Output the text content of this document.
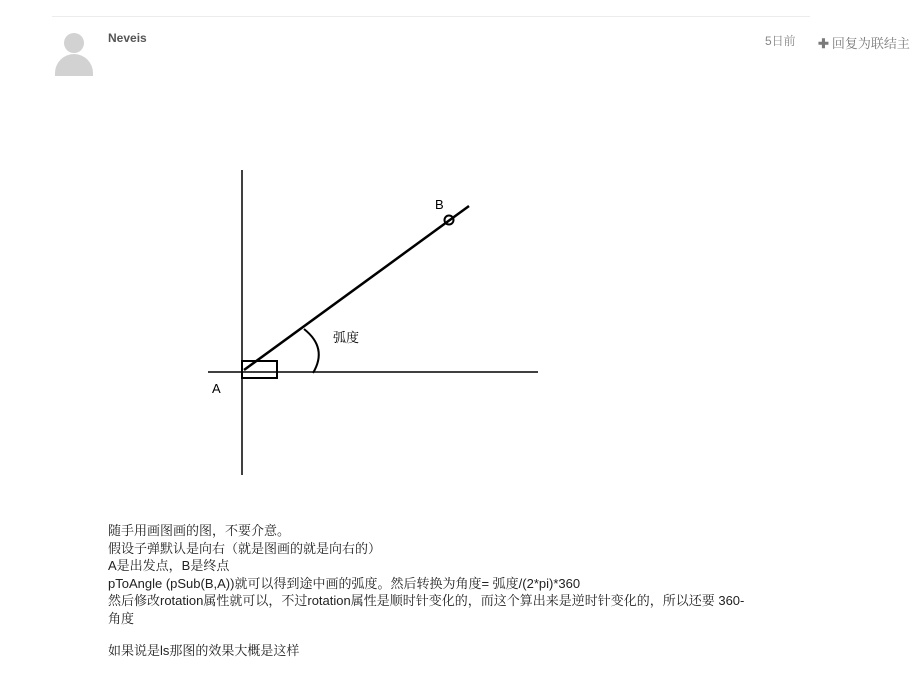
Neveis	5日前 ✚ 回复为联结主
B
A
弧度

随手用画图画的图，不要介意。

假设子弹默认是向右（就是图画的就是向右的）

A是出发点，B是终点

pToAngle (pSub(B,A))就可以得到途中画的弧度。然后转换为角度= 弧度/(2*pi)*360

然后修改rotation属性就可以，不过rotation属性是顺时针变化的，而这个算出来是逆时针变化的，所以还要 360-

角度

如果说是ls那图的效果大概是这样
